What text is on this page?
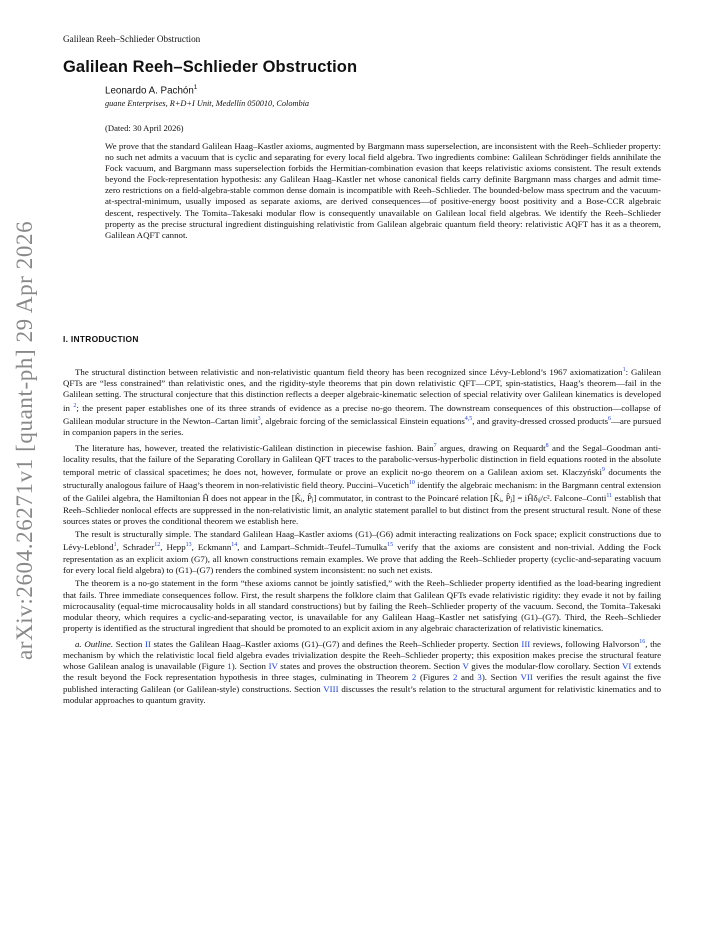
Galilean Reeh–Schlieder Obstruction
Galilean Reeh–Schlieder Obstruction
Leonardo A. Pachón$^1$
guane Enterprises, R+D+I Unit, Medellín 050010, Colombia
(Dated: 30 April 2026)
We prove that the standard Galilean Haag–Kastler axioms, augmented by Bargmann mass superselection, are inconsistent with the Reeh–Schlieder property: no such net admits a vacuum that is cyclic and separating for every local field algebra. Two ingredients combine: Galilean Schrödinger fields annihilate the Fock vacuum, and Bargmann mass superselection forbids the Hermitian-combination evasion that keeps relativistic axioms consistent. The result extends beyond the Fock-representation hypothesis: any Galilean Haag–Kastler net whose canonical fields carry definite Bargmann mass charges and admit time-zero restrictions on a field-algebra-stable common dense domain is incompatible with Reeh–Schlieder. The bounded-below mass spectrum and the vacuum-at-spectral-minimum, usually imposed as separate axioms, are derived consequences—of positive-energy boost positivity and a Bose-CCR algebraic descent, respectively. The Tomita–Takesaki modular flow is consequently unavailable on Galilean local field algebras. We identify the Reeh–Schlieder property as the precise structural ingredient distinguishing relativistic from Galilean algebraic quantum field theory: relativistic AQFT has it as a theorem, Galilean AQFT cannot.
arXiv:2604.26271v1 [quant-ph] 29 Apr 2026	I. INTRODUCTION

The structural distinction between relativistic and non-relativistic quantum field theory has been recognized since Lévy-Leblond’s 1967 axiomatization$^1$: Galilean QFTs are “less constrained” than relativistic ones, and the rigidity-style theorems that pin down relativistic QFT—CPT, spin-statistics, Haag’s theorem—fail in the Galilean setting. The structural conjecture that this distinction reflects a deeper algebraic-kinematic selection of special relativity over Galilean kinematics is developed in $^2$; the present paper establishes one of its three strands of evidence as a precise no-go theorem. The downstream consequences of this obstruction—collapse of Galilean modular structure in the Newton–Cartan limit$^3$, algebraic forcing of the semiclassical Einstein equations$^{4,5}$, and gravity-dressed crossed products$^6$—are pursued in companion papers in the series.

The literature has, however, treated the relativistic-Galilean distinction in piecewise fashion. Bain$^7$ argues, drawing on Requardt$^8$ and the Segal–Goodman anti-locality results, that the failure of the Separating Corollary in Galilean QFT traces to the parabolic-versus-hyperbolic distinction in field equations rooted in the absolute temporal metric of classical spacetimes; he does not, however, formulate or prove an explicit no-go theorem on a Galilean axiom set. Klaczyński$^9$ documents the structurally analogous failure of Haag’s theorem in non-relativistic field theory. Puccini–Vucetich$^{10}$ identify the algebraic mechanism: in the Bargmann central extension of the Galilei algebra, the Hamiltonian Ĥ does not appear in the [K̂ᵢ, P̂ⱼ] commutator, in contrast to the Poincaré relation [K̂ᵢ, P̂ⱼ] = iĤδᵢⱼ/c². Falcone–Conti$^{11}$ establish that Reeh–Schlieder nonlocal effects are suppressed in the non-relativistic limit, an analytic statement parallel to but distinct from the present structural result. None of these sources states or proves the conditional theorem we establish here.

The result is structurally simple. The standard Galilean Haag–Kastler axioms (G1)–(G6) admit interacting realizations on Fock space; explicit constructions due to Lévy-Leblond$^1$, Schrader$^{12}$, Hepp$^{13}$, Eckmann$^{14}$, and Lampart–Schmidt–Teufel–Tumulka$^{15}$ verify that the axioms are consistent and non-trivial. Adding the Fock representation as an explicit axiom (G7), all known constructions remain examples. We prove that adding the Reeh–Schlieder property (cyclic-and-separating vacuum for every local field algebra) to (G1)–(G7) renders the combined system inconsistent: no such net exists.

The theorem is a no-go statement in the form “these axioms cannot be jointly satisfied,” with the Reeh–Schlieder property identified as the load-bearing ingredient that fails. Three immediate consequences follow. First, the result sharpens the folklore claim that Galilean QFTs evade relativistic rigidity: they evade it not by failing microcausality (equal-time microcausality holds in all standard constructions) but by failing the Reeh–Schlieder property of the vacuum. Second, the Tomita–Takesaki modular theory, which requires a cyclic-and-separating vector, is unavailable for any Galilean Haag–Kastler net satisfying (G1)–(G7). Third, the Reeh–Schlieder property is identified as the structural ingredient that should be promoted to an explicit axiom in any algebraic characterization of relativistic kinematics.

a. Outline. Section II states the Galilean Haag–Kastler axioms (G1)–(G7) and defines the Reeh–Schlieder property. Section III reviews, following Halvorson$^{16}$, the mechanism by which the relativistic local field algebra evades trivialization despite the Reeh–Schlieder property; this exposition makes precise the structural feature whose Galilean analog is unavailable (Figure 1). Section IV states and proves the obstruction theorem. Section V gives the modular-flow corollary. Section VI extends the result beyond the Fock representation hypothesis in three stages, culminating in Theorem 2 (Figures 2 and 3). Section VII verifies the result against the five published interacting Galilean (or Galilean-style) constructions. Section VIII discusses the result’s relation to the structural argument for relativistic kinematics and to modular approaches to quantum gravity.
